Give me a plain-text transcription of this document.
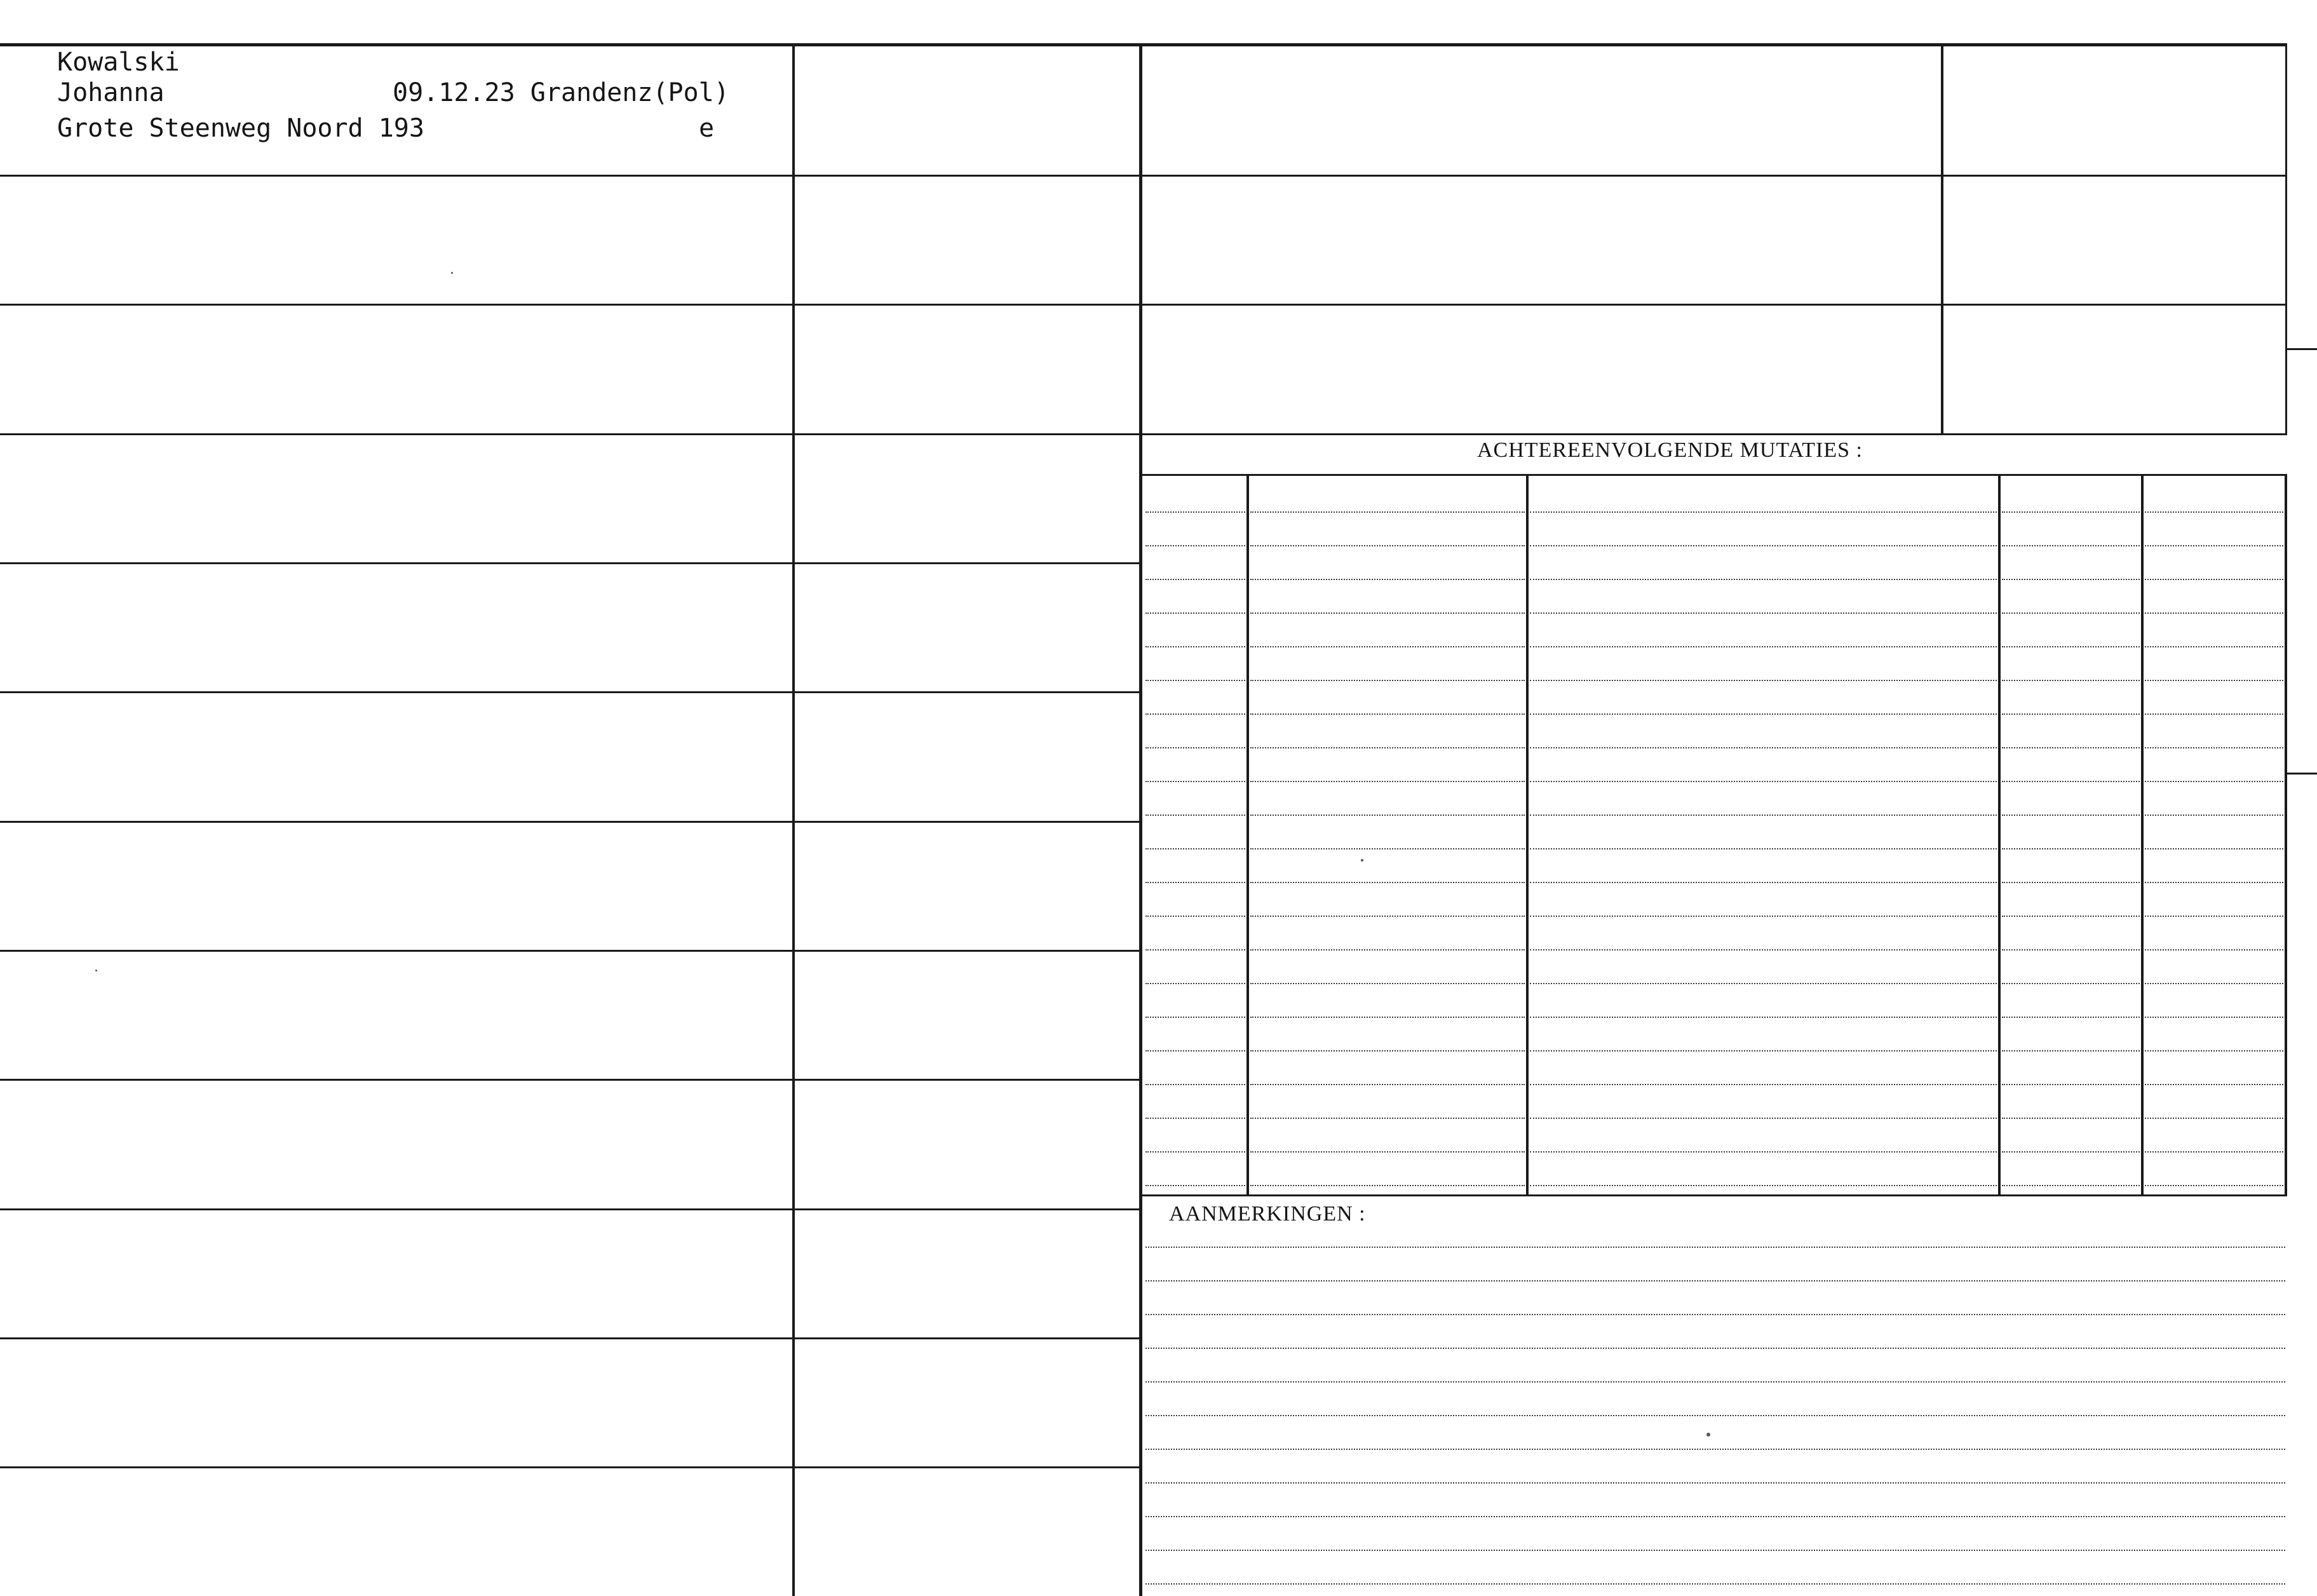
ACHTEREENVOLGENDE MUTATIES :
AANMERKINGEN :
Kowalski
Johanna	09.12.23 Grandenz(Pol)
Grote Steenweg Noord 193	e
